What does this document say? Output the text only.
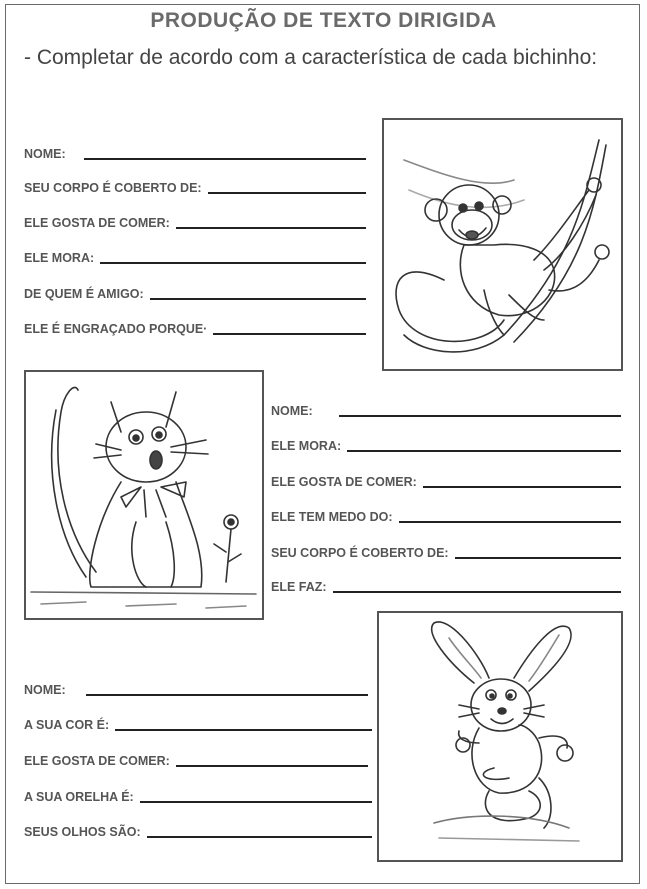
PRODUÇÃO DE TEXTO DIRIGIDA
- Completar de acordo com a característica de cada bichinho:
NOME:
SEU CORPO É COBERTO DE:
ELE GOSTA DE COMER:
ELE MORA:
DE QUEM É AMIGO:
ELE É ENGRAÇADO PORQUE·
NOME:
ELE MORA:
ELE GOSTA DE COMER:
ELE TEM MEDO DO:
SEU CORPO É COBERTO DE:
ELE FAZ:
NOME:
A SUA COR É:
ELE GOSTA DE COMER:
A SUA ORELHA É:
SEUS OLHOS SÃO:
